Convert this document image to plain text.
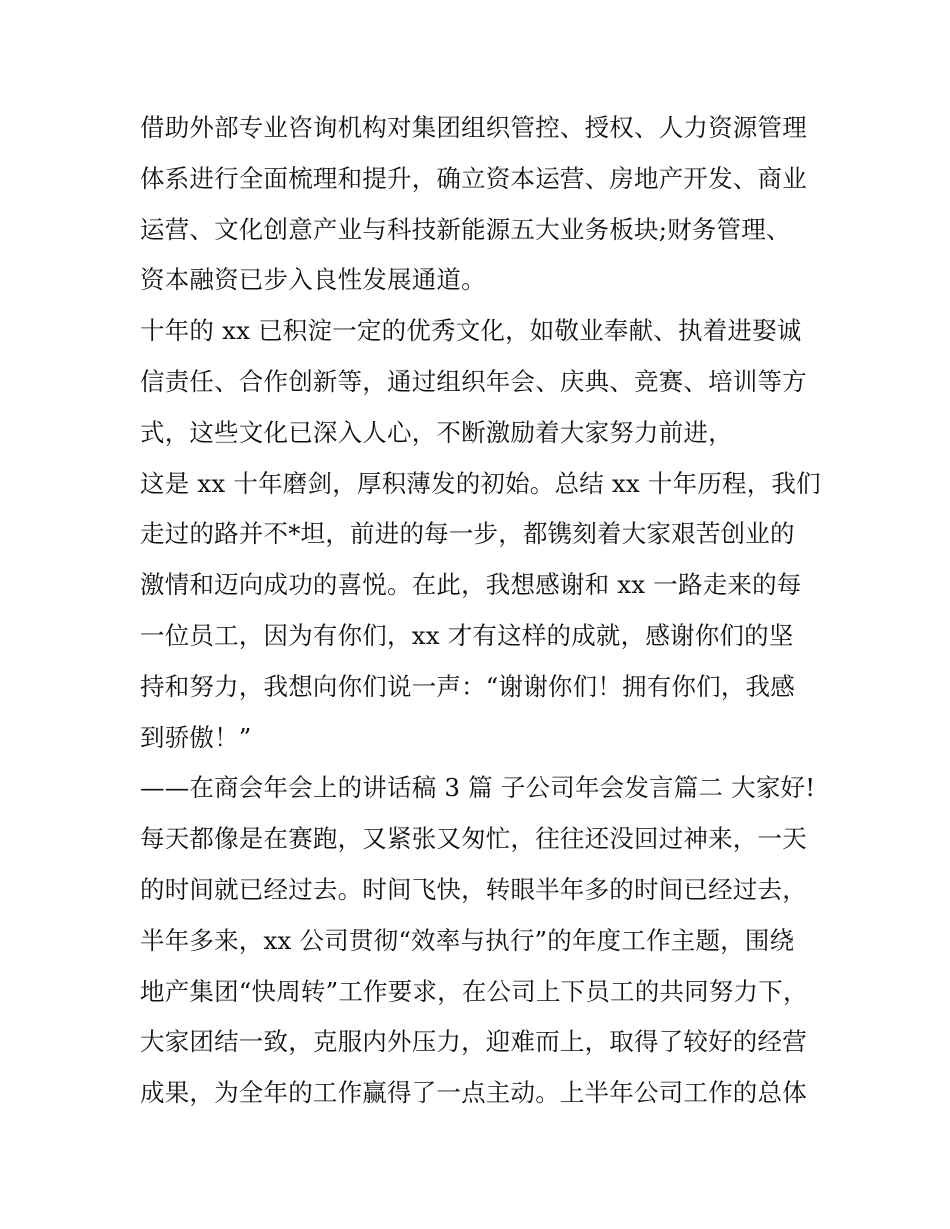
借助外部专业咨询机构对集团组织管控、授权、人力资源管理
体系进行全面梳理和提升，确立资本运营、房地产开发、商业
运营、文化创意产业与科技新能源五大业务板块;财务管理、
资本融资已步入良性发展通道。
十年的 xx 已积淀一定的优秀文化，如敬业奉献、执着进娶诚
信责任、合作创新等，通过组织年会、庆典、竞赛、培训等方
式，这些文化已深入人心，不断激励着大家努力前进，
这是 xx 十年磨剑，厚积薄发的初始。总结 xx 十年历程，我们
走过的路并不*坦，前进的每一步，都镌刻着大家艰苦创业的
激情和迈向成功的喜悦。在此，我想感谢和 xx 一路走来的每
一位员工，因为有你们，xx 才有这样的成就，感谢你们的坚
持和努力，我想向你们说一声：“谢谢你们！拥有你们，我感
到骄傲！”
——在商会年会上的讲话稿 3 篇 子公司年会发言篇二 大家好!
每天都像是在赛跑，又紧张又匆忙，往往还没回过神来，一天
的时间就已经过去。时间飞快，转眼半年多的时间已经过去，
半年多来，xx 公司贯彻“效率与执行”的年度工作主题，围绕
地产集团“快周转”工作要求，在公司上下员工的共同努力下，
大家团结一致，克服内外压力，迎难而上，取得了较好的经营
成果，为全年的工作赢得了一点主动。上半年公司工作的总体
